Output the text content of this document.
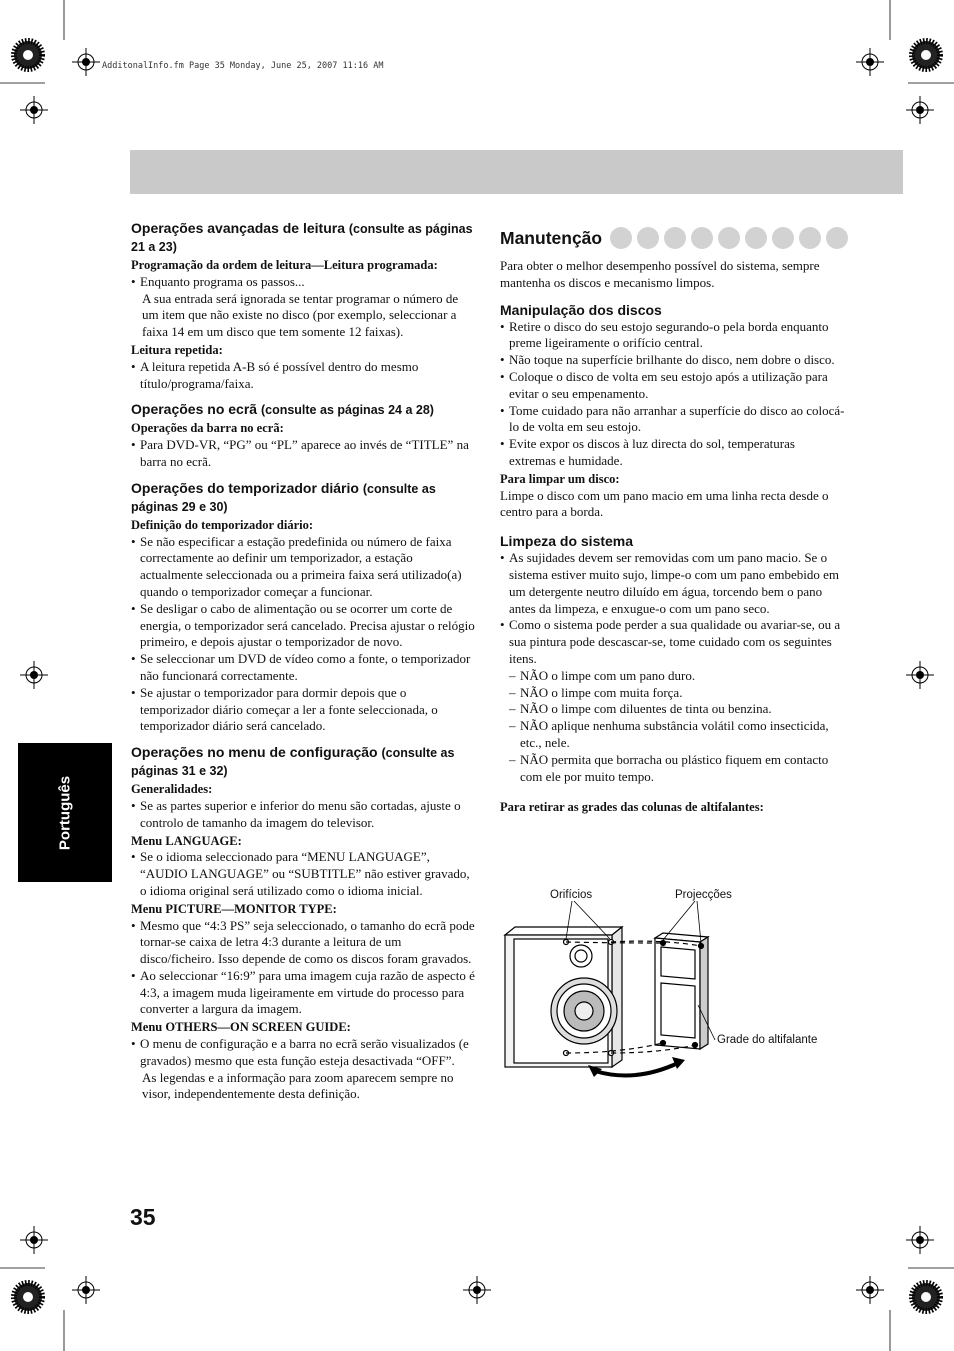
AdditonalInfo.fm Page 35 Monday, June 25, 2007 11:16 AM
Português
35
Operações avançadas de leitura (consulte as páginas 21 a 23)
Programação da ordem de leitura—Leitura programada:
• Enquanto programa os passos...

A sua entrada será ignorada se tentar programar o número de um item que não existe no disco (por exemplo, seleccionar a faixa 14 em um disco que tem somente 12 faixas).

Leitura repetida:
• A leitura repetida A-B só é possível dentro do mesmo título/programa/faixa.
Operações no ecrã (consulte as páginas 24 a 28)
Operações da barra no ecrã:
• Para DVD-VR, “PG” ou “PL” aparece ao invés de “TITLE” na barra no ecrã.
Operações do temporizador diário (consulte as páginas 29 e 30)
Definição do temporizador diário:
• Se não especificar a estação predefinida ou número de faixa correctamente ao definir um temporizador, a estação actualmente seleccionada ou a primeira faixa será utilizado(a) quando o temporizador começar a funcionar.
• Se desligar o cabo de alimentação ou se ocorrer um corte de energia, o temporizador será cancelado. Precisa ajustar o relógio primeiro, e depois ajustar o temporizador de novo.
• Se seleccionar um DVD de vídeo como a fonte, o temporizador não funcionará correctamente.
• Se ajustar o temporizador para dormir depois que o temporizador diário começar a ler a fonte seleccionada, o temporizador diário será cancelado.
Operações no menu de configuração (consulte as páginas 31 e 32)
Generalidades:
• Se as partes superior e inferior do menu são cortadas, ajuste o controlo de tamanho da imagem do televisor.
Menu LANGUAGE:
• Se o idioma seleccionado para “MENU LANGUAGE”, “AUDIO LANGUAGE” ou “SUBTITLE” não estiver gravado, o idioma original será utilizado como o idioma inicial.
Menu PICTURE—MONITOR TYPE:
• Mesmo que “4:3 PS” seja seleccionado, o tamanho do ecrã pode tornar-se caixa de letra 4:3 durante a leitura de um disco/ficheiro. Isso depende de como os discos foram gravados.
• Ao seleccionar “16:9” para uma imagem cuja razão de aspecto é 4:3, a imagem muda ligeiramente em virtude do processo para converter a largura da imagem.
Menu OTHERS—ON SCREEN GUIDE:
• O menu de configuração e a barra no ecrã serão visualizados (e gravados) mesmo que esta função esteja desactivada “OFF”.

As legendas e a informação para zoom aparecem sempre no visor, independentemente desta definição.

Manutenção

Para obter o melhor desempenho possível do sistema, sempre mantenha os discos e mecanismo limpos.

Manipulação dos discos
• Retire o disco do seu estojo segurando-o pela borda enquanto preme ligeiramente o orifício central.
• Não toque na superfície brilhante do disco, nem dobre o disco.
• Coloque o disco de volta em seu estojo após a utilização para evitar o seu empenamento.
• Tome cuidado para não arranhar a superfície do disco ao colocá-lo de volta em seu estojo.
• Evite expor os discos à luz directa do sol, temperaturas extremas e humidade.
Para limpar um disco:

Limpe o disco com um pano macio em uma linha recta desde o centro para a borda.

Limpeza do sistema
• As sujidades devem ser removidas com um pano macio. Se o sistema estiver muito sujo, limpe-o com um pano embebido em um detergente neutro diluído em água, torcendo bem o pano antes da limpeza, e enxugue-o com um pano seco.
• Como o sistema pode perder a sua qualidade ou avariar-se, ou a sua pintura pode descascar-se, tome cuidado com os seguintes itens.
– NÃO o limpe com um pano duro.
– NÃO o limpe com muita força.
– NÃO o limpe com diluentes de tinta ou benzina.
– NÃO aplique nenhuma substância volátil como insecticida, etc., nele.
– NÃO permita que borracha ou plástico fiquem em contacto com ele por muito tempo.
Para retirar as grades das colunas de altifalantes:
Orifícios	Projecções
Grade do altifalante
